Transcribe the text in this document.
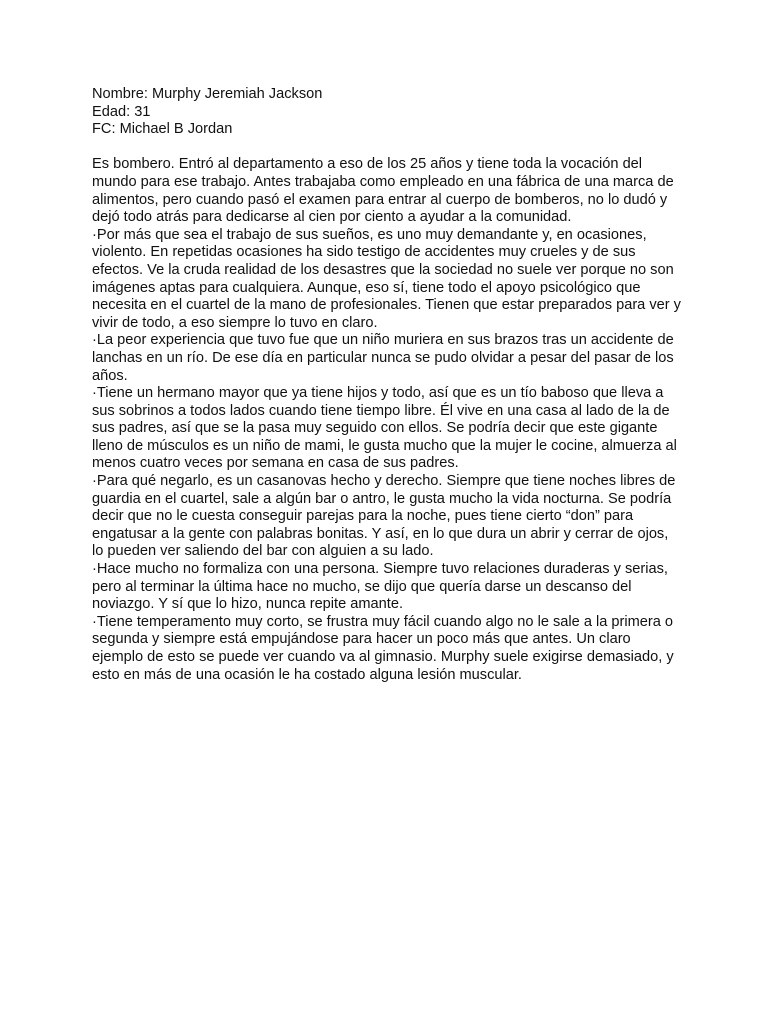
Nombre: Murphy Jeremiah Jackson

Edad: 31

FC: Michael B Jordan

Es bombero. Entró al departamento a eso de los 25 años y tiene toda la vocación del mundo para ese trabajo. Antes trabajaba como empleado en una fábrica de una marca de alimentos, pero cuando pasó el examen para entrar al cuerpo de bomberos, no lo dudó y dejó todo atrás para dedicarse al cien por ciento a ayudar a la comunidad.

·Por más que sea el trabajo de sus sueños, es uno muy demandante y, en ocasiones, violento. En repetidas ocasiones ha sido testigo de accidentes muy crueles y de sus efectos. Ve la cruda realidad de los desastres que la sociedad no suele ver porque no son imágenes aptas para cualquiera. Aunque, eso sí, tiene todo el apoyo psicológico que necesita en el cuartel de la mano de profesionales. Tienen que estar preparados para ver y vivir de todo, a eso siempre lo tuvo en claro.

·La peor experiencia que tuvo fue que un niño muriera en sus brazos tras un accidente de lanchas en un río. De ese día en particular nunca se pudo olvidar a pesar del pasar de los años.

·Tiene un hermano mayor que ya tiene hijos y todo, así que es un tío baboso que lleva a sus sobrinos a todos lados cuando tiene tiempo libre. Él vive en una casa al lado de la de sus padres, así que se la pasa muy seguido con ellos. Se podría decir que este gigante lleno de músculos es un niño de mami, le gusta mucho que la mujer le cocine, almuerza al menos cuatro veces por semana en casa de sus padres.

·Para qué negarlo, es un casanovas hecho y derecho. Siempre que tiene noches libres de guardia en el cuartel, sale a algún bar o antro, le gusta mucho la vida nocturna. Se podría decir que no le cuesta conseguir parejas para la noche, pues tiene cierto “don” para engatusar a la gente con palabras bonitas. Y así, en lo que dura un abrir y cerrar de ojos, lo pueden ver saliendo del bar con alguien a su lado.

·Hace mucho no formaliza con una persona. Siempre tuvo relaciones duraderas y serias, pero al terminar la última hace no mucho, se dijo que quería darse un descanso del noviazgo. Y sí que lo hizo, nunca repite amante.

·Tiene temperamento muy corto, se frustra muy fácil cuando algo no le sale a la primera o segunda y siempre está empujándose para hacer un poco más que antes. Un claro ejemplo de esto se puede ver cuando va al gimnasio. Murphy suele exigirse demasiado, y esto en más de una ocasión le ha costado alguna lesión muscular.
